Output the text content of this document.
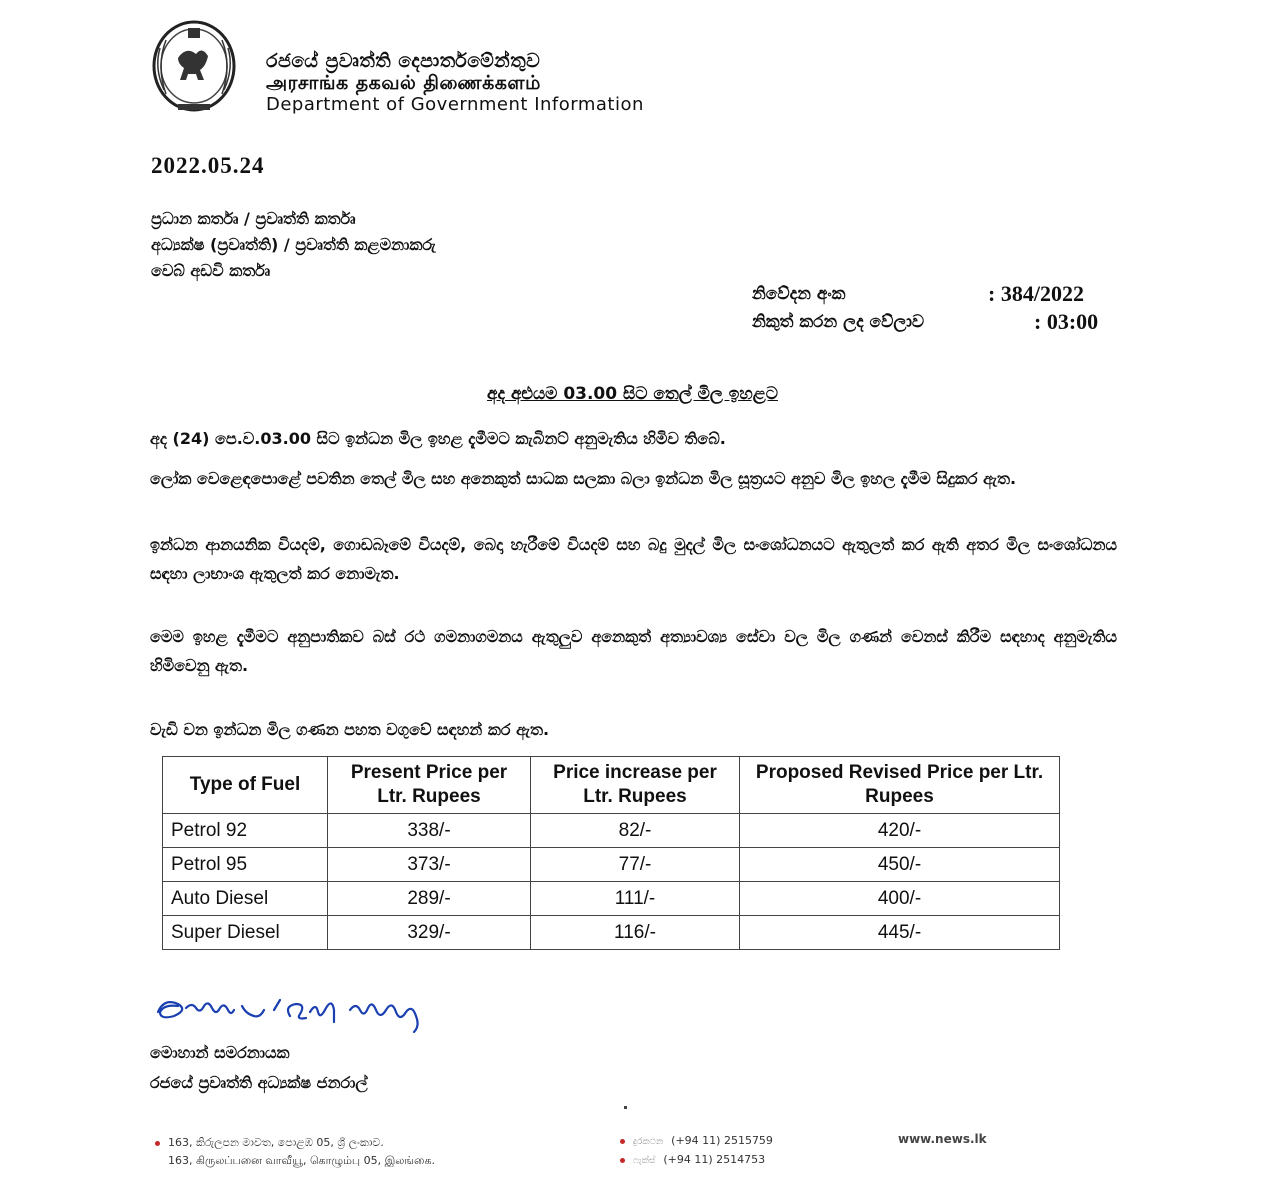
රජයේ ප්‍රවෘත්ති දෙපාර්තමේන්තුව
அரசாங்க தகவல் திணைக்களம்
Department of Government Information
2022.05.24
ප්‍රධාන කර්තෘ / ප්‍රවෘත්ති කර්තෘ
අධ්‍යක්ෂ (ප්‍රවෘත්ති) / ප්‍රවෘත්ති කළමනාකරු
වෙබ් අඩවි කර්තෘ
නිවේදන අංක	: 384/2022
නිකුත් කරන ලද වේලාව	: 03:00
අද අළුයම 03.00 සිට තෙල් මිල ඉහළට
අද (24) පෙ.ව.03.00 සිට ඉන්ධන මිල ඉහළ දැමීමට කැබිනට් අනුමැතිය හිමිව තිබේ.
ලෝක වෙළෙඳපොළේ පවතින තෙල් මිල සහ අනෙකුත් සාධක සලකා බලා ඉන්ධන මිල සූත්‍රයට අනුව මිල ඉහල දැමීම සිදුකර ඇත.
ඉන්ධන ආනයනික වියදම්, ගොඩබෑමේ වියදම්, බෙදා හැරීමේ වියදම් සහ බදු මුදල් මිල සංශෝධනයට ඇතුලත් කර ඇති අතර මිල සංශෝධනය සඳහා ලාභාංශ ඇතුලත් කර නොමැත.
මෙම ඉහළ දැමීමට අනුපාතිකව බස් රථ ගමනාගමනය ඇතුලුව අනෙකුත් අත්‍යාවශ්‍ය සේවා වල මිල ගණන් වෙනස් කිරීම සඳහාද අනුමැතිය හිමිවෙනු ඇත.
වැඩි වන ඉන්ධන මිල ගණන පහත වගුවේ සඳහන් කර ඇත.
Type of Fuel	Present Price per Ltr. Rupees	Price increase per Ltr. Rupees	Proposed Revised Price per Ltr. Rupees
Petrol 92	338/-	82/-	420/-
Petrol 95	373/-	77/-	450/-
Auto Diesel	289/-	111/-	400/-
Super Diesel	329/-	116/-	445/-
මොහාන් සමරනායක
රජයේ ප්‍රවෘත්ති අධ්‍යක්ෂ ජනරාල්
163, කිරුලපන මාවත, පොළඹ 05, ශ්‍රී ලංකාව.
163, கிருலப்பனை வாவீயூ, கொழும்பு 05, இலங்கை.
දුරකථන (+94 11) 2515759
ෆැක්ස් (+94 11) 2514753
www.news.lk
